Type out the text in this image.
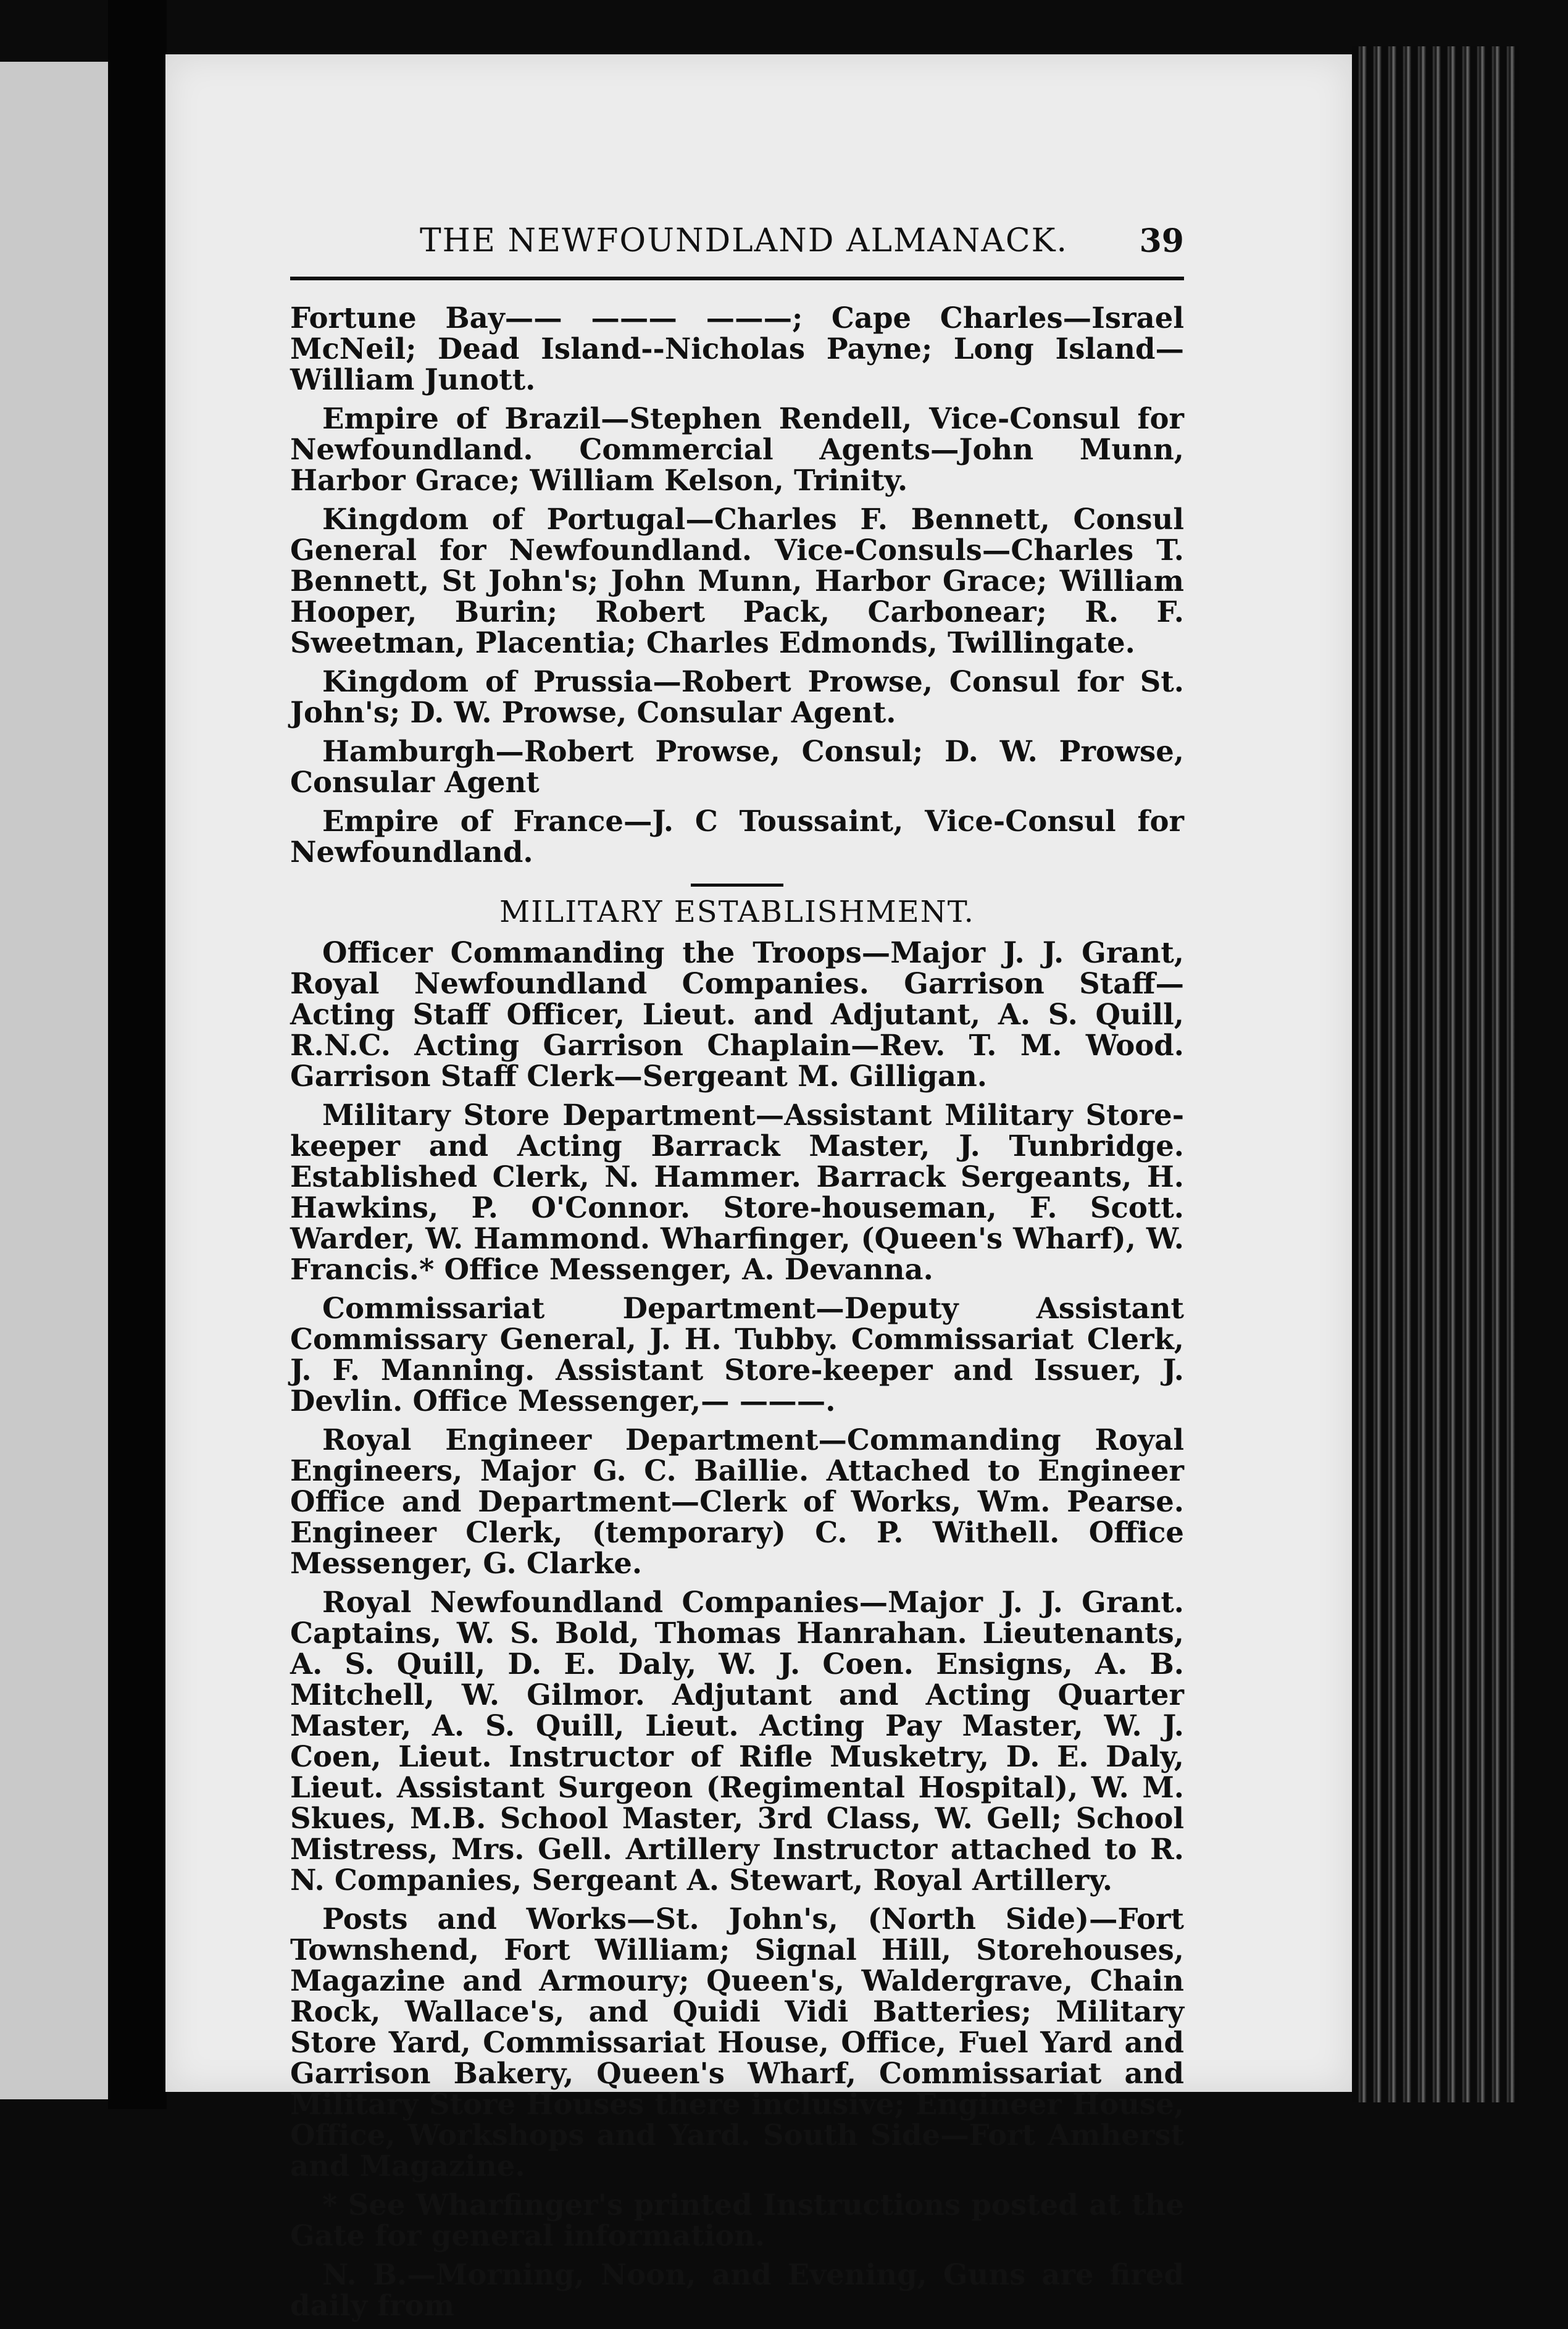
THE NEWFOUNDLAND ALMANACK. 39

Fortune Bay—— ——— ———; Cape Charles—Israel McNeil; Dead Island--Nicholas Payne; Long Island—William Junott.

Empire of Brazil—Stephen Rendell, Vice-Consul for Newfoundland. Commercial Agents—John Munn, Harbor Grace; William Kelson, Trinity.

Kingdom of Portugal—Charles F. Bennett, Consul General for Newfoundland. Vice-Consuls—Charles T. Bennett, St John's; John Munn, Harbor Grace; William Hooper, Burin; Robert Pack, Carbonear; R. F. Sweetman, Placentia; Charles Edmonds, Twillingate.

Kingdom of Prussia—Robert Prowse, Consul for St. John's; D. W. Prowse, Consular Agent.

Hamburgh—Robert Prowse, Consul; D. W. Prowse, Consular Agent

Empire of France—J. C Toussaint, Vice-Consul for Newfoundland.

MILITARY ESTABLISHMENT.

Officer Commanding the Troops—Major J. J. Grant, Royal Newfoundland Companies. Garrison Staff—Acting Staff Officer, Lieut. and Adjutant, A. S. Quill, R.N.C. Acting Garrison Chaplain—Rev. T. M. Wood. Garrison Staff Clerk—Sergeant M. Gilligan.

Military Store Department—Assistant Military Store-keeper and Acting Barrack Master, J. Tunbridge. Established Clerk, N. Hammer. Barrack Sergeants, H. Hawkins, P. O'Connor. Store-houseman, F. Scott. Warder, W. Hammond. Wharfinger, (Queen's Wharf), W. Francis.* Office Messenger, A. Devanna.

Commissariat Department—Deputy Assistant Commissary General, J. H. Tubby. Commissariat Clerk, J. F. Manning. Assistant Store-keeper and Issuer, J. Devlin. Office Messenger,— ———.

Royal Engineer Department—Commanding Royal Engineers, Major G. C. Baillie. Attached to Engineer Office and Department—Clerk of Works, Wm. Pearse. Engineer Clerk, (temporary) C. P. Withell. Office Messenger, G. Clarke.

Royal Newfoundland Companies—Major J. J. Grant. Captains, W. S. Bold, Thomas Hanrahan. Lieutenants, A. S. Quill, D. E. Daly, W. J. Coen. Ensigns, A. B. Mitchell, W. Gilmor. Adjutant and Acting Quarter Master, A. S. Quill, Lieut. Acting Pay Master, W. J. Coen, Lieut. Instructor of Rifle Musketry, D. E. Daly, Lieut. Assistant Surgeon (Regimental Hospital), W. M. Skues, M.B. School Master, 3rd Class, W. Gell; School Mistress, Mrs. Gell. Artillery Instructor attached to R. N. Companies, Sergeant A. Stewart, Royal Artillery.

Posts and Works—St. John's, (North Side)—Fort Townshend, Fort William; Signal Hill, Storehouses, Magazine and Armoury; Queen's, Waldergrave, Chain Rock, Wallace's, and Quidi Vidi Batteries; Military Store Yard, Commissariat House, Office, Fuel Yard and Garrison Bakery, Queen's Wharf, Commissariat and Military Store Houses there inclusive; Engineer House, Office, Workshops and Yard. South Side—Fort Amherst and Magazine.

* See Wharfinger's printed Instructions posted at the Gate for general information.

N. B.—Morning, Noon, and Evening, Guns are fired daily from
